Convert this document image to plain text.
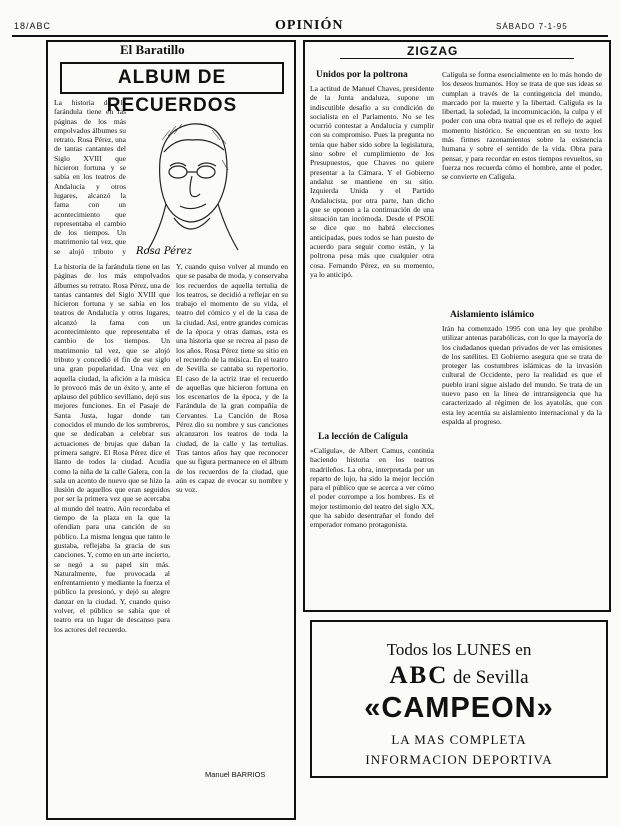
18/ABC	OPINIÓN	SÁBADO 7-1-95
El Baratillo
ALBUM DE RECUERDOS
Rosa Pérez

La historia de la farándula tiene en las páginas de los más empolvados álbumes su retrato. Rosa Pérez, una de tantas cantantes del Siglo XVIII que hicieron fortuna y se sabía en los teatros de Andalucía y otros lugares, alcanzó la fama con un acontecimiento que representaba el cambio de los tiempos. Un matrimonio tal vez, que se alojó tributo y

La historia de la farándula tiene en las páginas de los más empolvados álbumes su retrato. Rosa Pérez, una de tantas cantantes del Siglo XVIII que hicieron fortuna y se sabía en los teatros de Andalucía y otros lugares, alcanzó la fama con un acontecimiento que representaba el cambio de los tiempos. Un matrimonio tal vez, que se alojó tributo y concedió el fin de ese siglo una gran popularidad. Una vez en aquella ciudad, la afición a la música le provocó más de un éxito y, ante el aplauso del público sevillano, dejó sus mejores funciones. En el Pasaje de Santa Justa, lugar donde tan conocidos el mundo de los sombreros, que se dedicaban a celebrar sus actuaciones de brujas que daban la primera sangre. El Rosa Pérez dice el llanto de todos la ciudad. Acudía como la niña de la calle Galera, con la sala un acento de nuevo que se hizo la ilusión de aquellos que eran seguidos por ser la primera vez que se acercaba al mundo del teatro. Aún recordaba el tiempo de la plaza en la que la ofendían para una canción de su público. La misma lengua que tanto le gustaba, reflejaba la gracia de sus canciones. Y, como en un arte incierto, se negó a su papel sin más. Naturalmente, fue provocada al enfrentamiento y mediante la fuerza el público la presionó, y dejó su alegre danzar en la ciudad. Y, cuando quiso volver, el público se sabía que el teatro era un lugar de descanso para los actores del recuerdo.

Y, cuando quiso volver al mundo en que se pasaba de moda, y conservaba los recuerdos de aquella tertulia de los teatros, se decidió a reflejar en su trabajo el momento de su vida, el teatro del cómico y el de la casa de la ciudad. Así, entre grandes comicas de la época y otras damas, esta es una historia que se recrea al paso de los años. Rosa Pérez tiene su sitio en el recuerdo de la música. En el teatro de Sevilla se cantaba su repertorio. El caso de la actriz trae el recuerdo de aquellas que hicieron fortuna en los escenarios de la época, y de la Farándula de la gran compañía de Cervantes. La Canción de Rosa Pérez dio su nombre y sus canciones alcanzaron los teatros de toda la ciudad, de la calle y las tertulias. Tras tantos años hay que reconocer que su figura permanece en el álbum de los recuerdos de la ciudad, que aún es capaz de evocar su nombre y su voz.

Manuel BARRIOS
ZIGZAG
Unidos por la poltrona

La actitud de Manuel Chaves, presidente de la Junta andaluza, supone un indiscutible desafío a su condición de socialista en el Parlamento. No se les ocurrió contestar a Andalucía y cumplir con su compromiso. Pues la pregunta no tenía que haber sido sobre la legislatura, sino sobre el cumplimiento de los Presupuestos, que Chaves no quiere presentar a la Cámara. Y el Gobierno andaluz se mantiene en su sitio. Izquierda Unida y el Partido Andalucista, por otra parte, han dicho que se oponen a la continuación de una situación tan incómoda. Desde el PSOE se dice que no habrá elecciones anticipadas, pues todos se han puesto de acuerdo para seguir como están, y la poltrona pesa más que cualquier otra cosa. Fernando Pérez, en su momento, ya lo anticipó.

La lección de Calígula

«Calígula», de Albert Camus, continúa haciendo historia en los teatros madrileños. La obra, interpretada por un reparto de lujo, ha sido la mejor lección para el público que se acerca a ver cómo el poder corrompe a los hombres. Es el mejor testimonio del teatro del siglo XX, que ha sabido desentrañar el fondo del emperador romano protagonista.

Calígula se forma esencialmente en lo más hondo de los deseos humanos. Hoy se trata de que sus ideas se cumplan a través de la contingencia del mundo, marcado por la muerte y la libertad. Calígula es la libertad, la soledad, la incomunicación, la culpa y el poder con una obra teatral que es el reflejo de aquel momento histórico. Se encuentran en su texto los más firmes razonamientos sobre la existencia humana y sobre el sentido de la vida. Obra para pensar, y para recordar en estos tiempos revueltos, su fuerza nos recuerda cómo el hombre, ante el poder, se convierte en Calígula.

Aislamiento islámico

Irán ha comenzado 1995 con una ley que prohíbe utilizar antenas parabólicas, con lo que la mayoría de los ciudadanos quedan privados de ver las emisiones de los satélites. El Gobierno asegura que se trata de proteger las costumbres islámicas de la invasión cultural de Occidente, pero la realidad es que el pueblo iraní sigue aislado del mundo. Se trata de un nuevo paso en la línea de intransigencia que ha caracterizado al régimen de los ayatolás, que con esta ley acentúa su aislamiento internacional y da la espalda al progreso.

Todos los LUNES en
ABC de Sevilla
«CAMPEON»
LA MAS COMPLETA
INFORMACION DEPORTIVA
